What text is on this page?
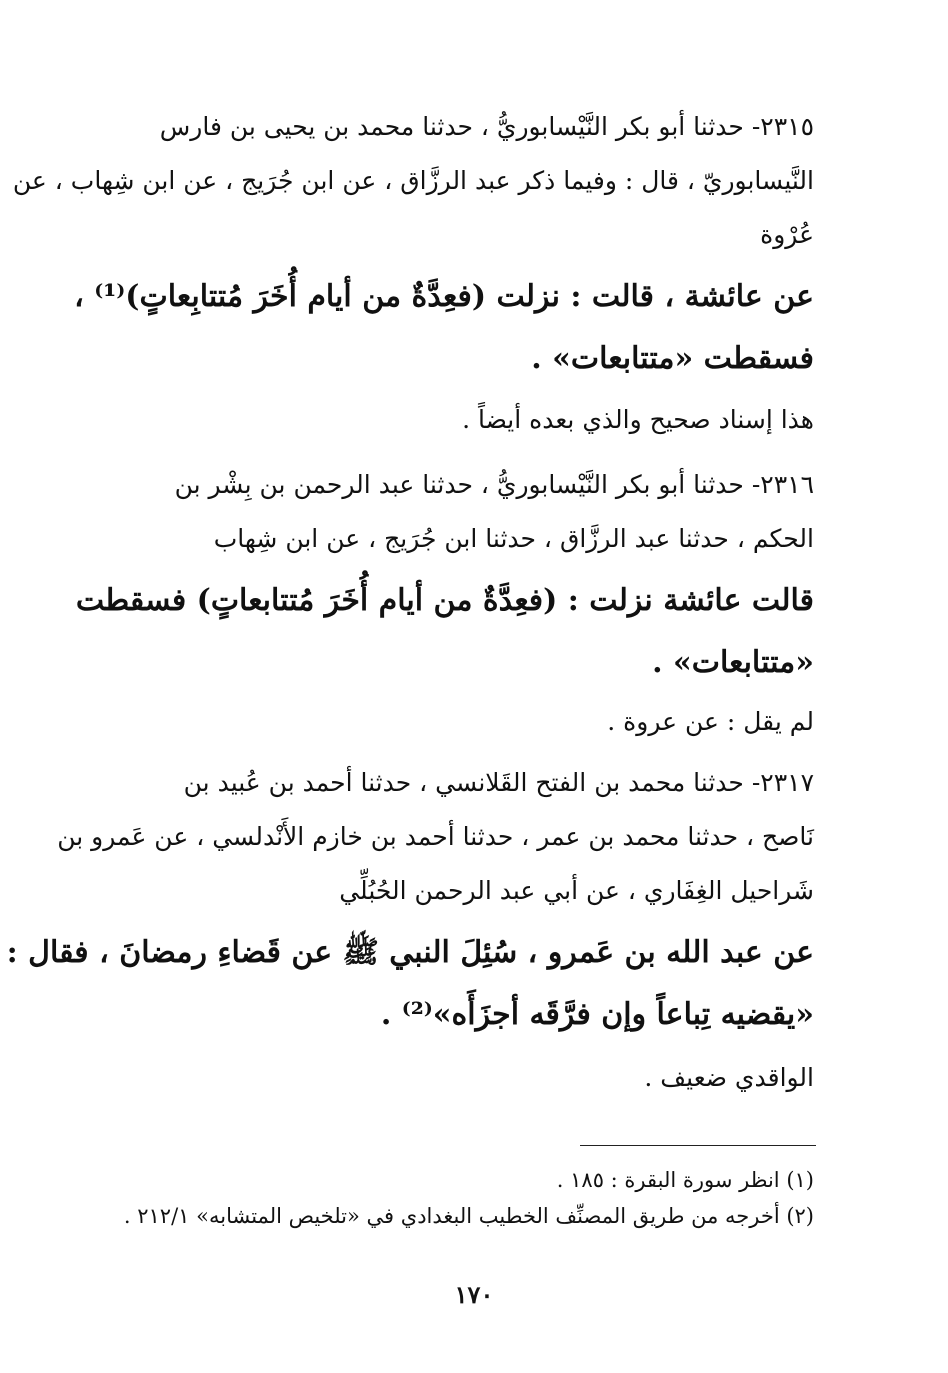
٢٣١٥- حدثنا أبو بكر النَّيْسابوريُّ ، حدثنا محمد بن يحيى بن فارس
النَّيسابوريّ ، قال : وفيما ذكر عبد الرزَّاق ، عن ابن جُرَيج ، عن ابن شِهاب ، عن
عُرْوة
عن عائشة ، قالت : نزلت (فعِدَّةٌ من أيام أُخَرَ مُتتابِعاتٍ)⁽¹⁾ ،
فسقطت «متتابعات» .
هذا إسناد صحيح والذي بعده أيضاً .
٢٣١٦- حدثنا أبو بكر النَّيْسابوريُّ ، حدثنا عبد الرحمن بن بِشْر بن
الحكم ، حدثنا عبد الرزَّاق ، حدثنا ابن جُرَيج ، عن ابن شِهاب
قالت عائشة نزلت : (فعِدَّةٌ من أيام أُخَرَ مُتتابعاتٍ) فسقطت
«متتابعات» .
لم يقل : عن عروة .
٢٣١٧- حدثنا محمد بن الفتح القَلانسي ، حدثنا أحمد بن عُبيد بن
نَاصح ، حدثنا محمد بن عمر ، حدثنا أحمد بن خازم الأَنْدلسي ، عن عَمرو بن
شَراحيل الغِفَاري ، عن أبي عبد الرحمن الحُبُلِّي
عن عبد الله بن عَمرو ، سُئِلَ النبي ﷺ عن قَضاءِ رمضانَ ، فقال :
«يقضيه تِباعاً وإن فرَّقَه أجزَأَه»⁽²⁾ .
الواقدي ضعيف .
(١) انظر سورة البقرة : ١٨٥ .
(٢) أخرجه من طريق المصنِّف الخطيب البغدادي في «تلخيص المتشابه» ٢١٢/١ .
١٧٠
